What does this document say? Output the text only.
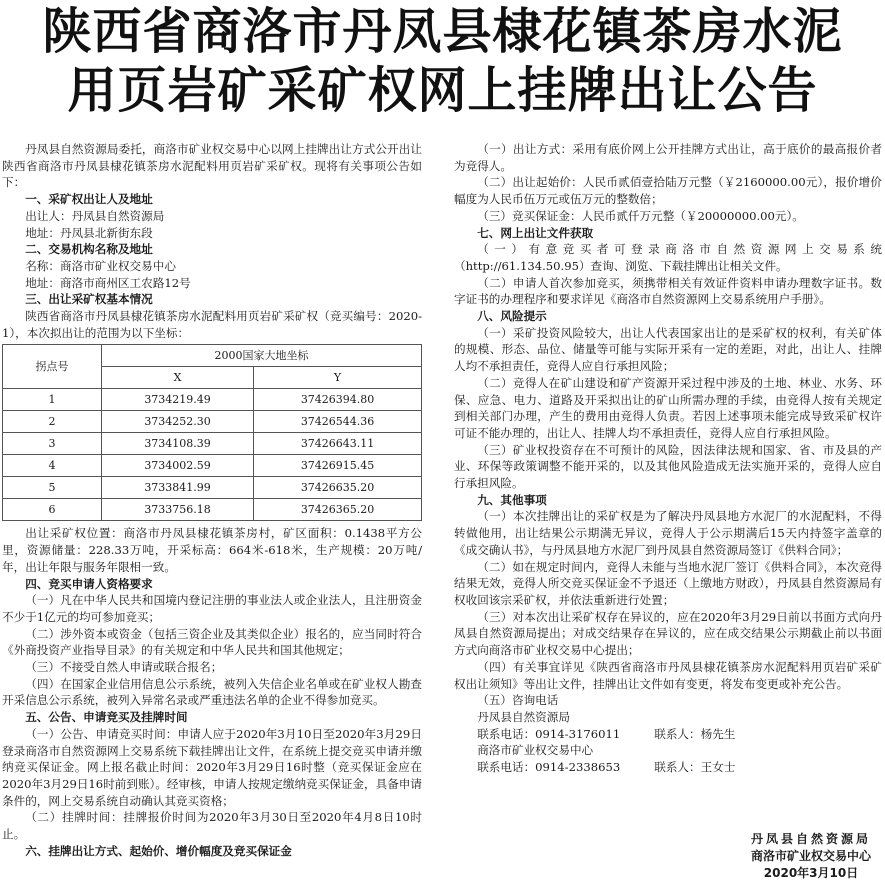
陕西省商洛市丹凤县棣花镇茶房水泥
用页岩矿采矿权网上挂牌出让公告

丹凤县自然资源局委托，商洛市矿业权交易中心以网上挂牌出让方式公开出让陕西省商洛市丹凤县棣花镇茶房水泥配料用页岩矿采矿权。现将有关事项公告如下：

一、采矿权出让人及地址
出让人：丹凤县自然资源局
地址：丹凤县北新街东段
二、交易机构名称及地址
名称：商洛市矿业权交易中心
地址：商洛市商州区工农路12号
三、出让采矿权基本情况

陕西省商洛市丹凤县棣花镇茶房水泥配料用页岩矿采矿权（竞买编号：2020-1），本次拟出让的范围为以下坐标：

拐点号	2000国家大地坐标	
	X	Y
1	3734219.49	37426394.80
2	3734252.30	37426544.36
3	3734108.39	37426643.11
4	3734002.59	37426915.45
5	3733841.99	37426635.20
6	3733756.18	37426365.20

出让采矿权位置：商洛市丹凤县棣花镇茶房村，矿区面积：0.1438平方公里，资源储量：228.33万吨，开采标高：664米-618米，生产规模：20万吨/年，出让年限与服务年限相一致。

四、竞买申请人资格要求

（一）凡在中华人民共和国境内登记注册的事业法人或企业法人，且注册资金不少于1亿元的均可参加竞买；

（二）涉外资本或资金（包括三资企业及其类似企业）报名的，应当同时符合《外商投资产业指导目录》的有关规定和中华人民共和国其他规定；

（三）不接受自然人申请或联合报名；

（四）在国家企业信用信息公示系统，被列入失信企业名单或在矿业权人勘查开采信息公示系统，被列入异常名录或严重违法名单的企业不得参加竞买。

五、公告、申请竞买及挂牌时间

（一）公告、申请竞买时间：申请人应于2020年3月10日至2020年3月29日登录商洛市自然资源网上交易系统下载挂牌出让文件，在系统上提交竞买申请并缴纳竞买保证金。网上报名截止时间：2020年3月29日16时整（竞买保证金应在2020年3月29日16时前到账）。经审核，申请人按规定缴纳竞买保证金，具备申请条件的，网上交易系统自动确认其竞买资格；

（二）挂牌时间：挂牌报价时间为2020年3月30日至2020年4月8日10时止。

六、挂牌出让方式、起始价、增价幅度及竞买保证金

（一）出让方式：采用有底价网上公开挂牌方式出让，高于底价的最高报价者为竞得人。

（二）出让起始价：人民币贰佰壹拾陆万元整（￥2160000.00元），报价增价幅度为人民币伍万元或伍万元的整数倍；

（三）竞买保证金：人民币贰仟万元整（￥20000000.00元）。

七、网上出让文件获取

（一）有意竞买者可登录商洛市自然资源网上交易系统（http://61.134.50.95）查询、浏览、下载挂牌出让相关文件。

（二）申请人首次参加竞买，须携带相关有效证件资料申请办理数字证书。数字证书的办理程序和要求详见《商洛市自然资源网上交易系统用户手册》。

八、风险提示

（一）采矿投资风险较大，出让人代表国家出让的是采矿权的权利，有关矿体的规模、形态、品位、储量等可能与实际开采有一定的差距，对此，出让人、挂牌人均不承担责任，竞得人应自行承担风险；

（二）竞得人在矿山建设和矿产资源开采过程中涉及的土地、林业、水务、环保、应急、电力、道路及开采拟出让的矿山所需办理的手续，由竞得人按有关规定到相关部门办理，产生的费用由竞得人负责。若因上述事项未能完成导致采矿权许可证不能办理的，出让人、挂牌人均不承担责任，竞得人应自行承担风险。

（三）矿业权投资存在不可预计的风险，因法律法规和国家、省、市及县的产业、环保等政策调整不能开采的，以及其他风险造成无法实施开采的，竞得人应自行承担风险。

九、其他事项

（一）本次挂牌出让的采矿权是为了解决丹凤县地方水泥厂的水泥配料，不得转做他用，出让结果公示期满无异议，竞得人于公示期满后15天内持签字盖章的《成交确认书》，与丹凤县地方水泥厂到丹凤县自然资源局签订《供料合同》；

（二）如在规定时间内，竞得人未能与当地水泥厂签订《供料合同》，本次竞得结果无效，竞得人所交竞买保证金不予退还（上缴地方财政），丹凤县自然资源局有权收回该宗采矿权，并依法重新进行处置；

（三）对本次出让采矿权存在异议的，应在2020年3月29日前以书面方式向丹凤县自然资源局提出；对成交结果存在异议的，应在成交结果公示期截止前以书面方式向商洛市矿业权交易中心提出；

（四）有关事宜详见《陕西省商洛市丹凤县棣花镇茶房水泥配料用页岩矿采矿权出让须知》等出让文件，挂牌出让文件如有变更，将发布变更或补充公告。

（五）咨询电话
丹凤县自然资源局
联系电话：0914-3176011	联系人：杨先生
商洛市矿业权交易中心
联系电话：0914-2338653	联系人：王女士
丹凤县自然资源局
商洛市矿业权交易中心
2020年3月10日
